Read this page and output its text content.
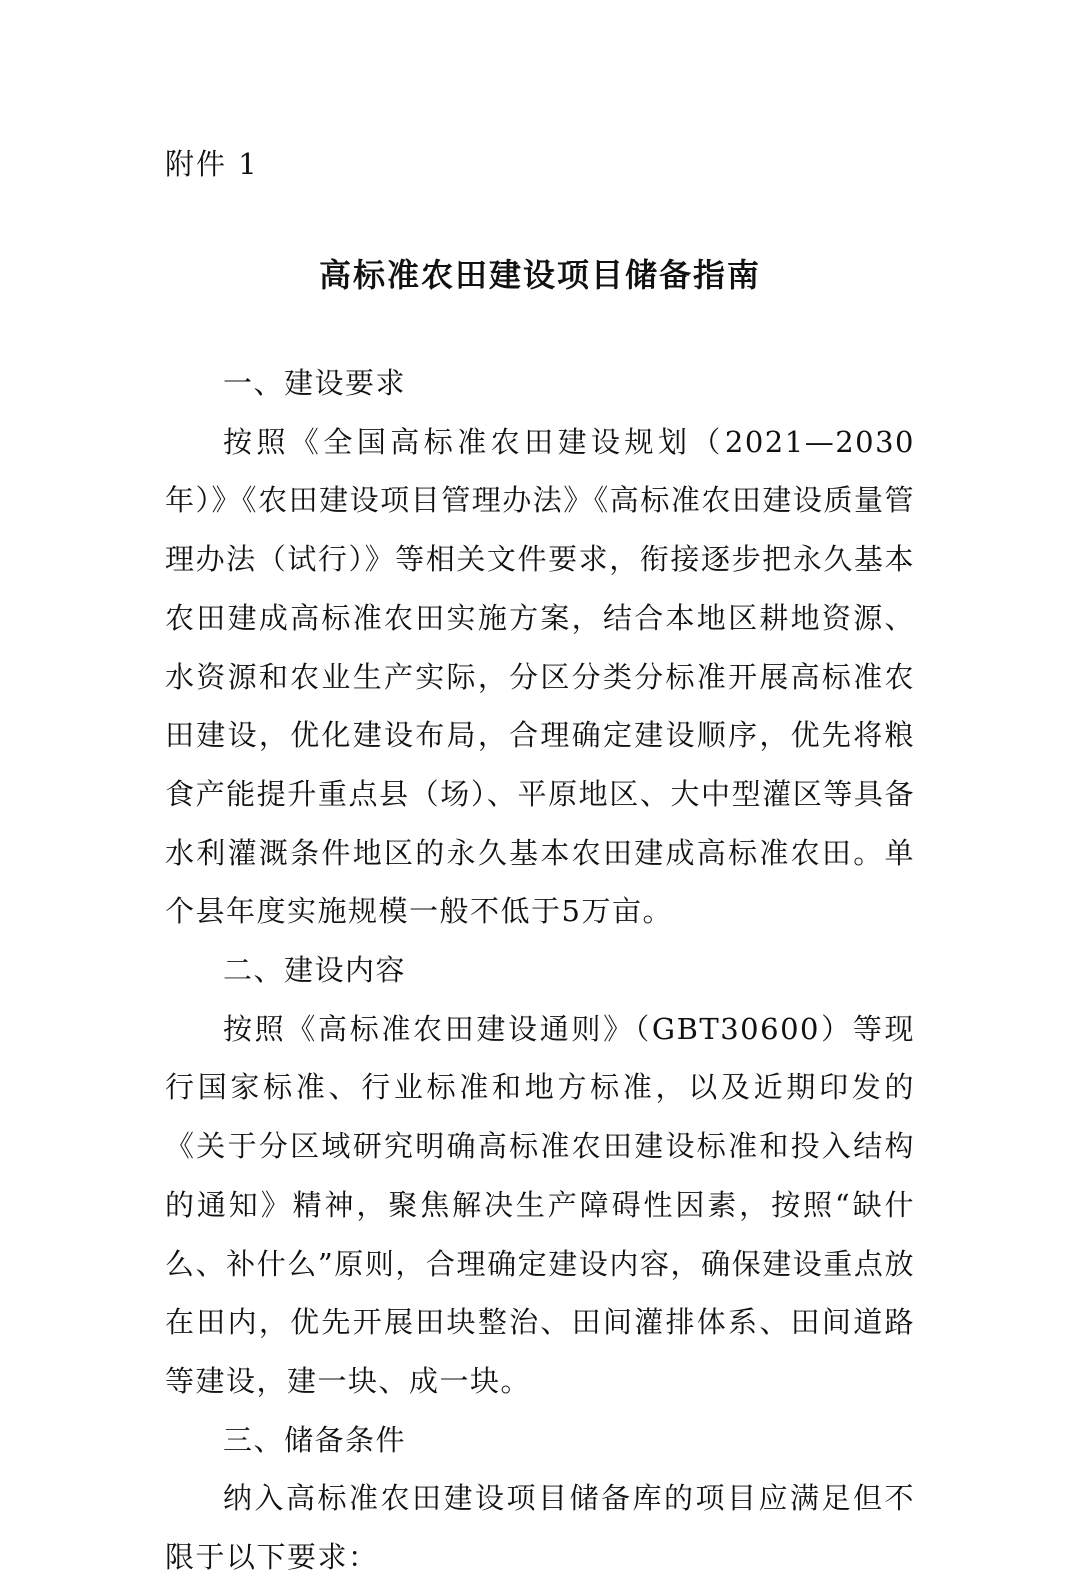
附件 1
高标准农田建设项目储备指南
一、建设要求

按照《全国高标准农田建设规划（2021—2030年）》《农田建设项目管理办法》《高标准农田建设质量管理办法（试行）》等相关文件要求，衔接逐步把永久基本农田建成高标准农田实施方案，结合本地区耕地资源、水资源和农业生产实际，分区分类分标准开展高标准农田建设，优化建设布局，合理确定建设顺序，优先将粮食产能提升重点县（场）、平原地区、大中型灌区等具备水利灌溉条件地区的永久基本农田建成高标准农田。单个县年度实施规模一般不低于5万亩。

二、建设内容

按照《高标准农田建设通则》（GBT30600）等现行国家标准、行业标准和地方标准，以及近期印发的《关于分区域研究明确高标准农田建设标准和投入结构的通知》精神，聚焦解决生产障碍性因素，按照“缺什么、补什么”原则，合理确定建设内容，确保建设重点放在田内，优先开展田块整治、田间灌排体系、田间道路等建设，建一块、成一块。

三、储备条件

纳入高标准农田建设项目储备库的项目应满足但不限于以下要求：
